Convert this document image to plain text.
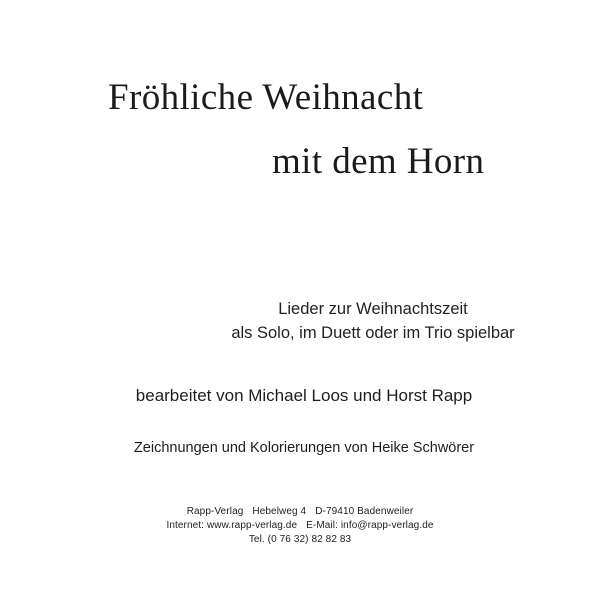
Fröhliche Weihnacht
mit dem Horn
Lieder zur Weihnachtszeit
als Solo, im Duett oder im Trio spielbar
bearbeitet von Michael Loos und Horst Rapp
Zeichnungen und Kolorierungen von Heike Schwörer
Rapp-Verlag Hebelweg 4 D-79410 Badenweiler
Internet: www.rapp-verlag.de E-Mail: info@rapp-verlag.de
Tel. (0 76 32) 82 82 83
